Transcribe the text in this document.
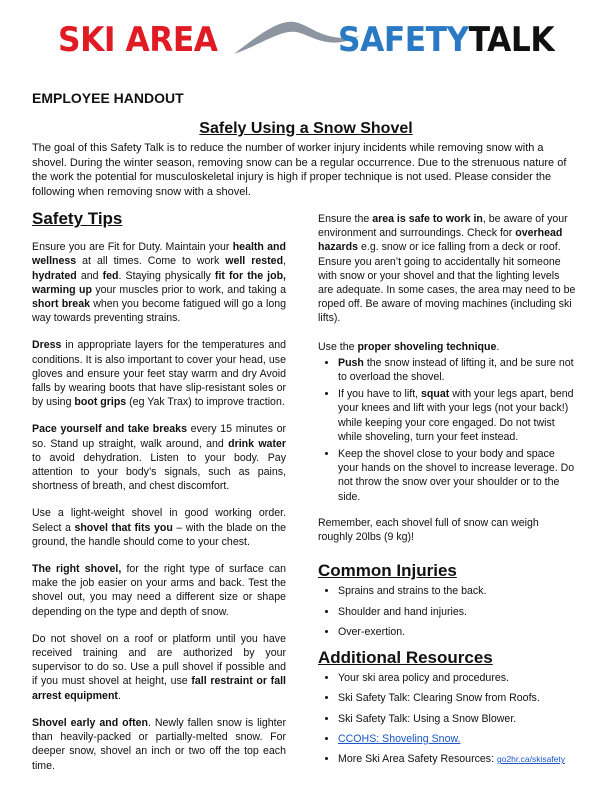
SKI AREA	SAFETYTALK
EMPLOYEE HANDOUT
Safely Using a Snow Shovel
The goal of this Safety Talk is to reduce the number of worker injury incidents while removing snow with a shovel. During the winter season, removing snow can be a regular occurrence. Due to the strenuous nature of the work the potential for musculoskeletal injury is high if proper technique is not used. Please consider the following when removing snow with a shovel.
Safety Tips

Ensure you are Fit for Duty. Maintain your health and wellness at all times. Come to work well rested, hydrated and fed. Staying physically fit for the job, warming up your muscles prior to work, and taking a short break when you become fatigued will go a long way towards preventing strains.

Dress in appropriate layers for the temperatures and conditions. It is also important to cover your head, use gloves and ensure your feet stay warm and dry Avoid falls by wearing boots that have slip-resistant soles or by using boot grips (eg Yak Trax) to improve traction.

Pace yourself and take breaks every 15 minutes or so. Stand up straight, walk around, and drink water to avoid dehydration. Listen to your body. Pay attention to your body’s signals, such as pains, shortness of breath, and chest discomfort.

Use a light-weight shovel in good working order. Select a shovel that fits you – with the blade on the ground, the handle should come to your chest.

The right shovel, for the right type of surface can make the job easier on your arms and back. Test the shovel out, you may need a different size or shape depending on the type and depth of snow.

Do not shovel on a roof or platform until you have received training and are authorized by your supervisor to do so. Use a pull shovel if possible and if you must shovel at height, use fall restraint or fall arrest equipment.

Shovel early and often. Newly fallen snow is lighter than heavily-packed or partially-melted snow. For deeper snow, shovel an inch or two off the top each time.

Ensure the area is safe to work in, be aware of your environment and surroundings. Check for overhead hazards e.g. snow or ice falling from a deck or roof. Ensure you aren’t going to accidentally hit someone with snow or your shovel and that the lighting levels are adequate. In some cases, the area may need to be roped off. Be aware of moving machines (including ski lifts).

Use the proper shoveling technique.

• Push the snow instead of lifting it, and be sure not to overload the shovel.
• If you have to lift, squat with your legs apart, bend your knees and lift with your legs (not your back!) while keeping your core engaged. Do not twist while shoveling, turn your feet instead.
• Keep the shovel close to your body and space your hands on the shovel to increase leverage. Do not throw the snow over your shoulder or to the side.

Remember, each shovel full of snow can weigh roughly 20lbs (9 kg)!

Common Injuries
• Sprains and strains to the back.
• Shoulder and hand injuries.
• Over-exertion.
Additional Resources
• Your ski area policy and procedures.
• Ski Safety Talk: Clearing Snow from Roofs.
• Ski Safety Talk: Using a Snow Blower.
• CCOHS: Shoveling Snow.
• More Ski Area Safety Resources: go2hr.ca/skisafety
